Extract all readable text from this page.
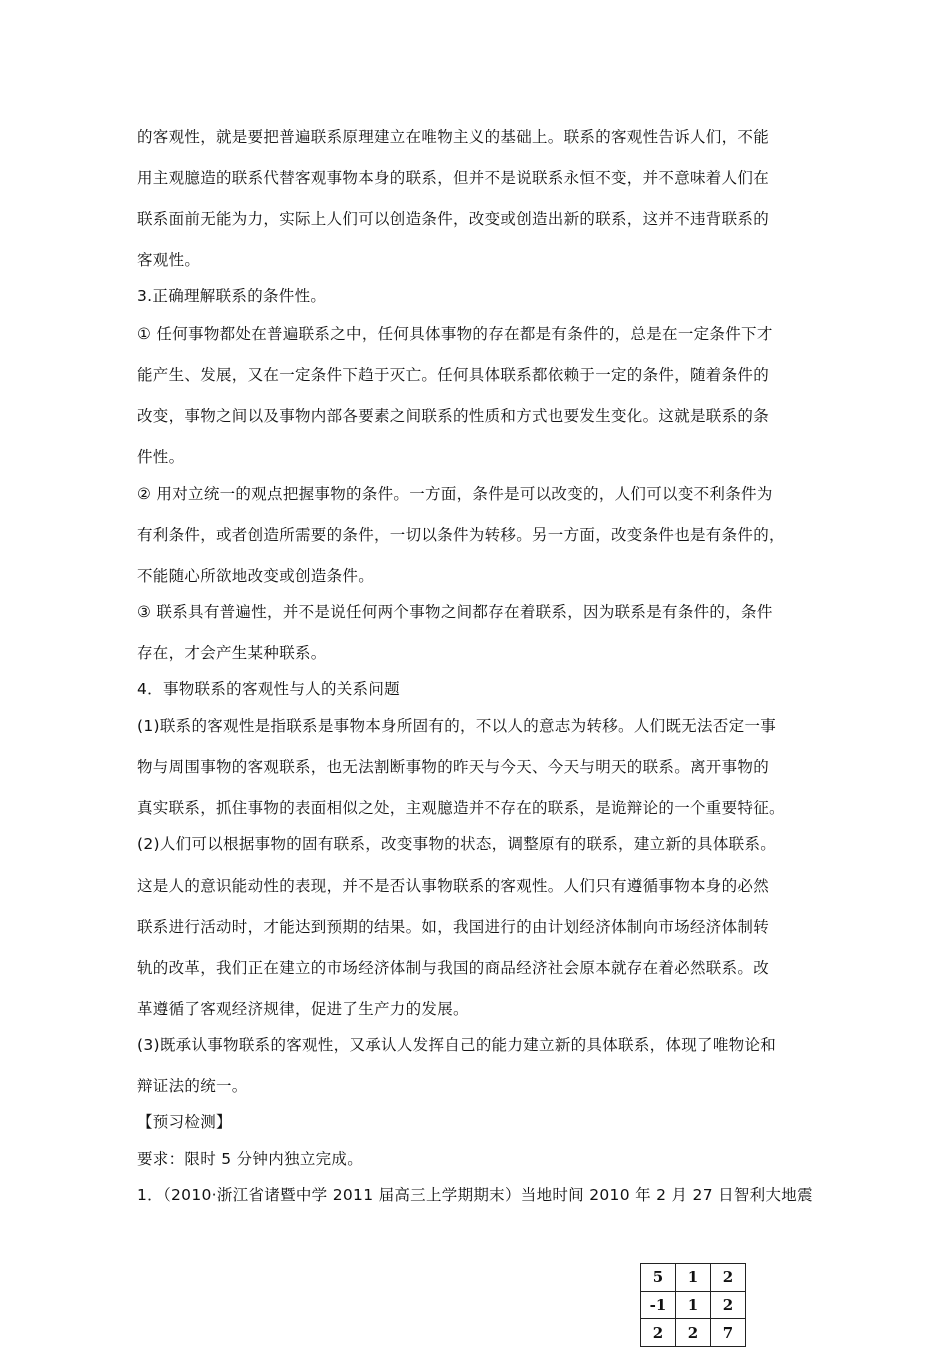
的客观性，就是要把普遍联系原理建立在唯物主义的基础上。联系的客观性告诉人们，不能
用主观臆造的联系代替客观事物本身的联系，但并不是说联系永恒不变，并不意味着人们在
联系面前无能为力，实际上人们可以创造条件，改变或创造出新的联系，这并不违背联系的
客观性。
3.正确理解联系的条件性。
① 任何事物都处在普遍联系之中，任何具体事物的存在都是有条件的，总是在一定条件下才
能产生、发展，又在一定条件下趋于灭亡。任何具体联系都依赖于一定的条件，随着条件的
改变，事物之间以及事物内部各要素之间联系的性质和方式也要发生变化。这就是联系的条
件性。
② 用对立统一的观点把握事物的条件。一方面，条件是可以改变的，人们可以变不利条件为
有利条件，或者创造所需要的条件，一切以条件为转移。另一方面，改变条件也是有条件的，
不能随心所欲地改变或创造条件。
③ 联系具有普遍性，并不是说任何两个事物之间都存在着联系，因为联系是有条件的，条件
存在，才会产生某种联系。
4．事物联系的客观性与人的关系问题
(1)联系的客观性是指联系是事物本身所固有的，不以人的意志为转移。人们既无法否定一事
物与周围事物的客观联系，也无法割断事物的昨天与今天、今天与明天的联系。离开事物的
真实联系，抓住事物的表面相似之处，主观臆造并不存在的联系，是诡辩论的一个重要特征。
(2)人们可以根据事物的固有联系，改变事物的状态，调整原有的联系，建立新的具体联系。
这是人的意识能动性的表现，并不是否认事物联系的客观性。人们只有遵循事物本身的必然
联系进行活动时，才能达到预期的结果。如，我国进行的由计划经济体制向市场经济体制转
轨的改革，我们正在建立的市场经济体制与我国的商品经济社会原本就存在着必然联系。改
革遵循了客观经济规律，促进了生产力的发展。
(3)既承认事物联系的客观性，又承认人发挥自己的能力建立新的具体联系，体现了唯物论和
辩证法的统一。
【预习检测】
要求：限时 5 分钟内独立完成。
1．（2010·浙江省诸暨中学 2011 届高三上学期期末）当地时间 2010 年 2 月 27 日智利大地震
5	1	2
-1	1	2
2	2	7
